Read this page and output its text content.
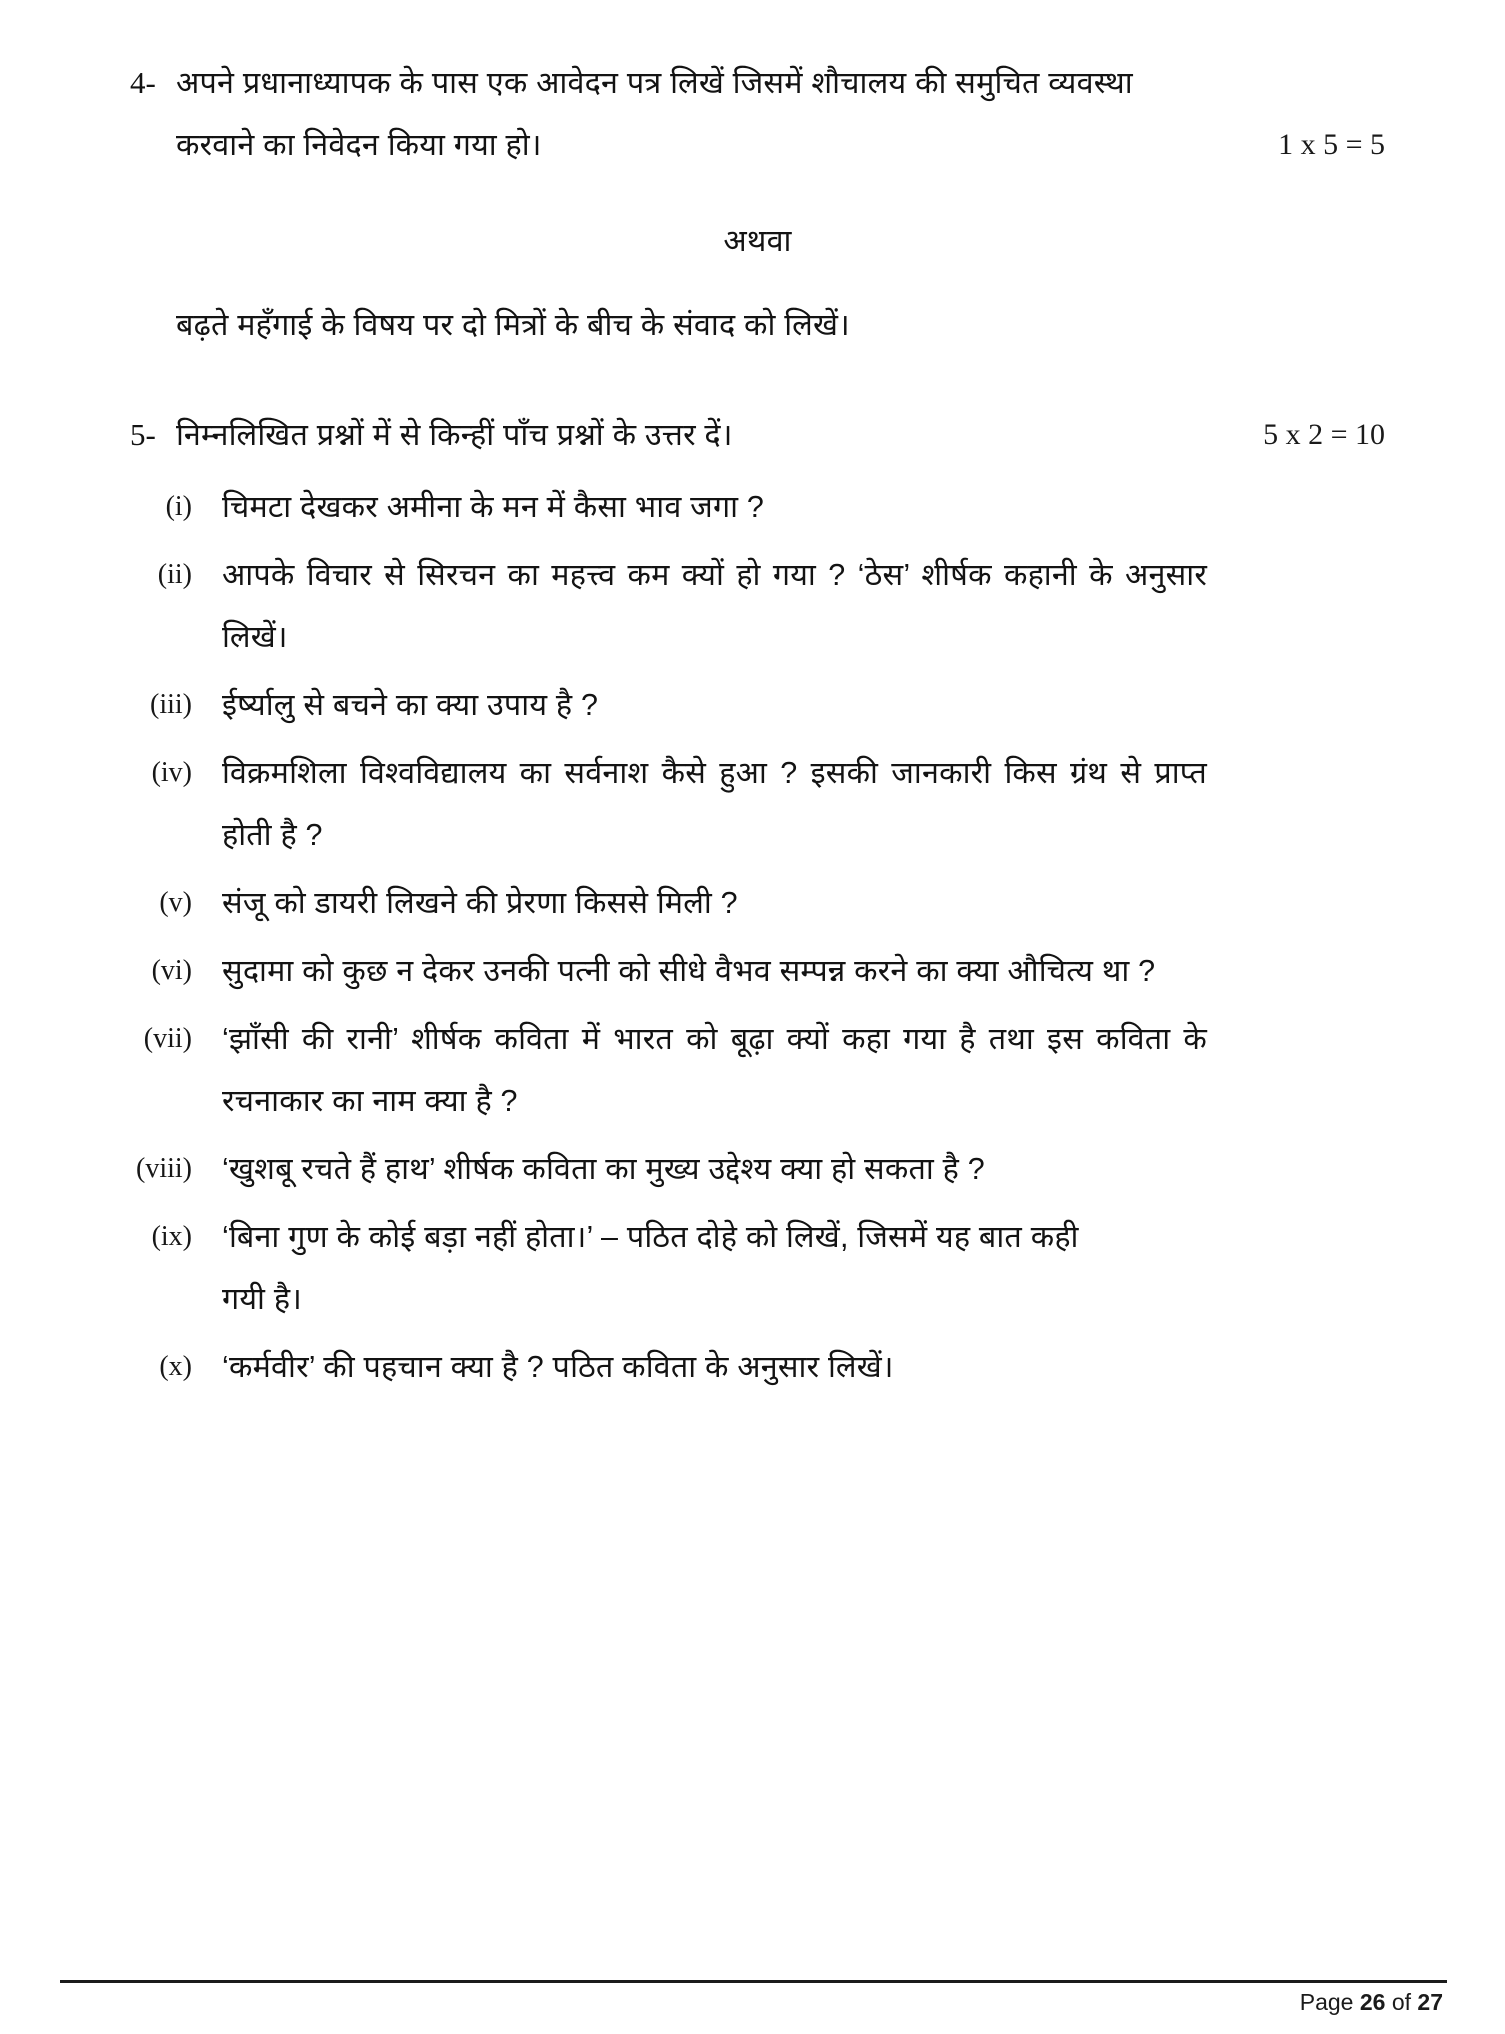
4- अपने प्रधानाध्यापक के पास एक आवेदन पत्र लिखें जिसमें शौचालय की समुचित व्यवस्था
करवाने का निवेदन किया गया हो।	1 x 5 = 5
अथवा
बढ़ते महँगाई के विषय पर दो मित्रों के बीच के संवाद को लिखें।
5- निम्नलिखित प्रश्नों में से किन्हीं पाँच प्रश्नों के उत्तर दें।	5 x 2 = 10
(i) चिमटा देखकर अमीना के मन में कैसा भाव जगा ?
(ii) आपके विचार से सिरचन का महत्त्व कम क्यों हो गया ? ‘ठेस’ शीर्षक कहानी के अनुसार लिखें।
(iii) ईर्ष्यालु से बचने का क्या उपाय है ?
(iv) विक्रमशिला विश्वविद्यालय का सर्वनाश कैसे हुआ ? इसकी जानकारी किस ग्रंथ से प्राप्त होती है ?
(v) संजू को डायरी लिखने की प्रेरणा किससे मिली ?
(vi) सुदामा को कुछ न देकर उनकी पत्नी को सीधे वैभव सम्पन्न करने का क्या औचित्य था ?
(vii) ‘झाँसी की रानी’ शीर्षक कविता में भारत को बूढ़ा क्यों कहा गया है तथा इस कविता के रचनाकार का नाम क्या है ?
(viii) ‘खुशबू रचते हैं हाथ’ शीर्षक कविता का मुख्य उद्देश्य क्या हो सकता है ?
(ix) ‘बिना गुण के कोई बड़ा नहीं होता।’ – पठित दोहे को लिखें, जिसमें यह बात कही गयी है।
(x) ‘कर्मवीर’ की पहचान क्या है ? पठित कविता के अनुसार लिखें।
Page 26 of 27
